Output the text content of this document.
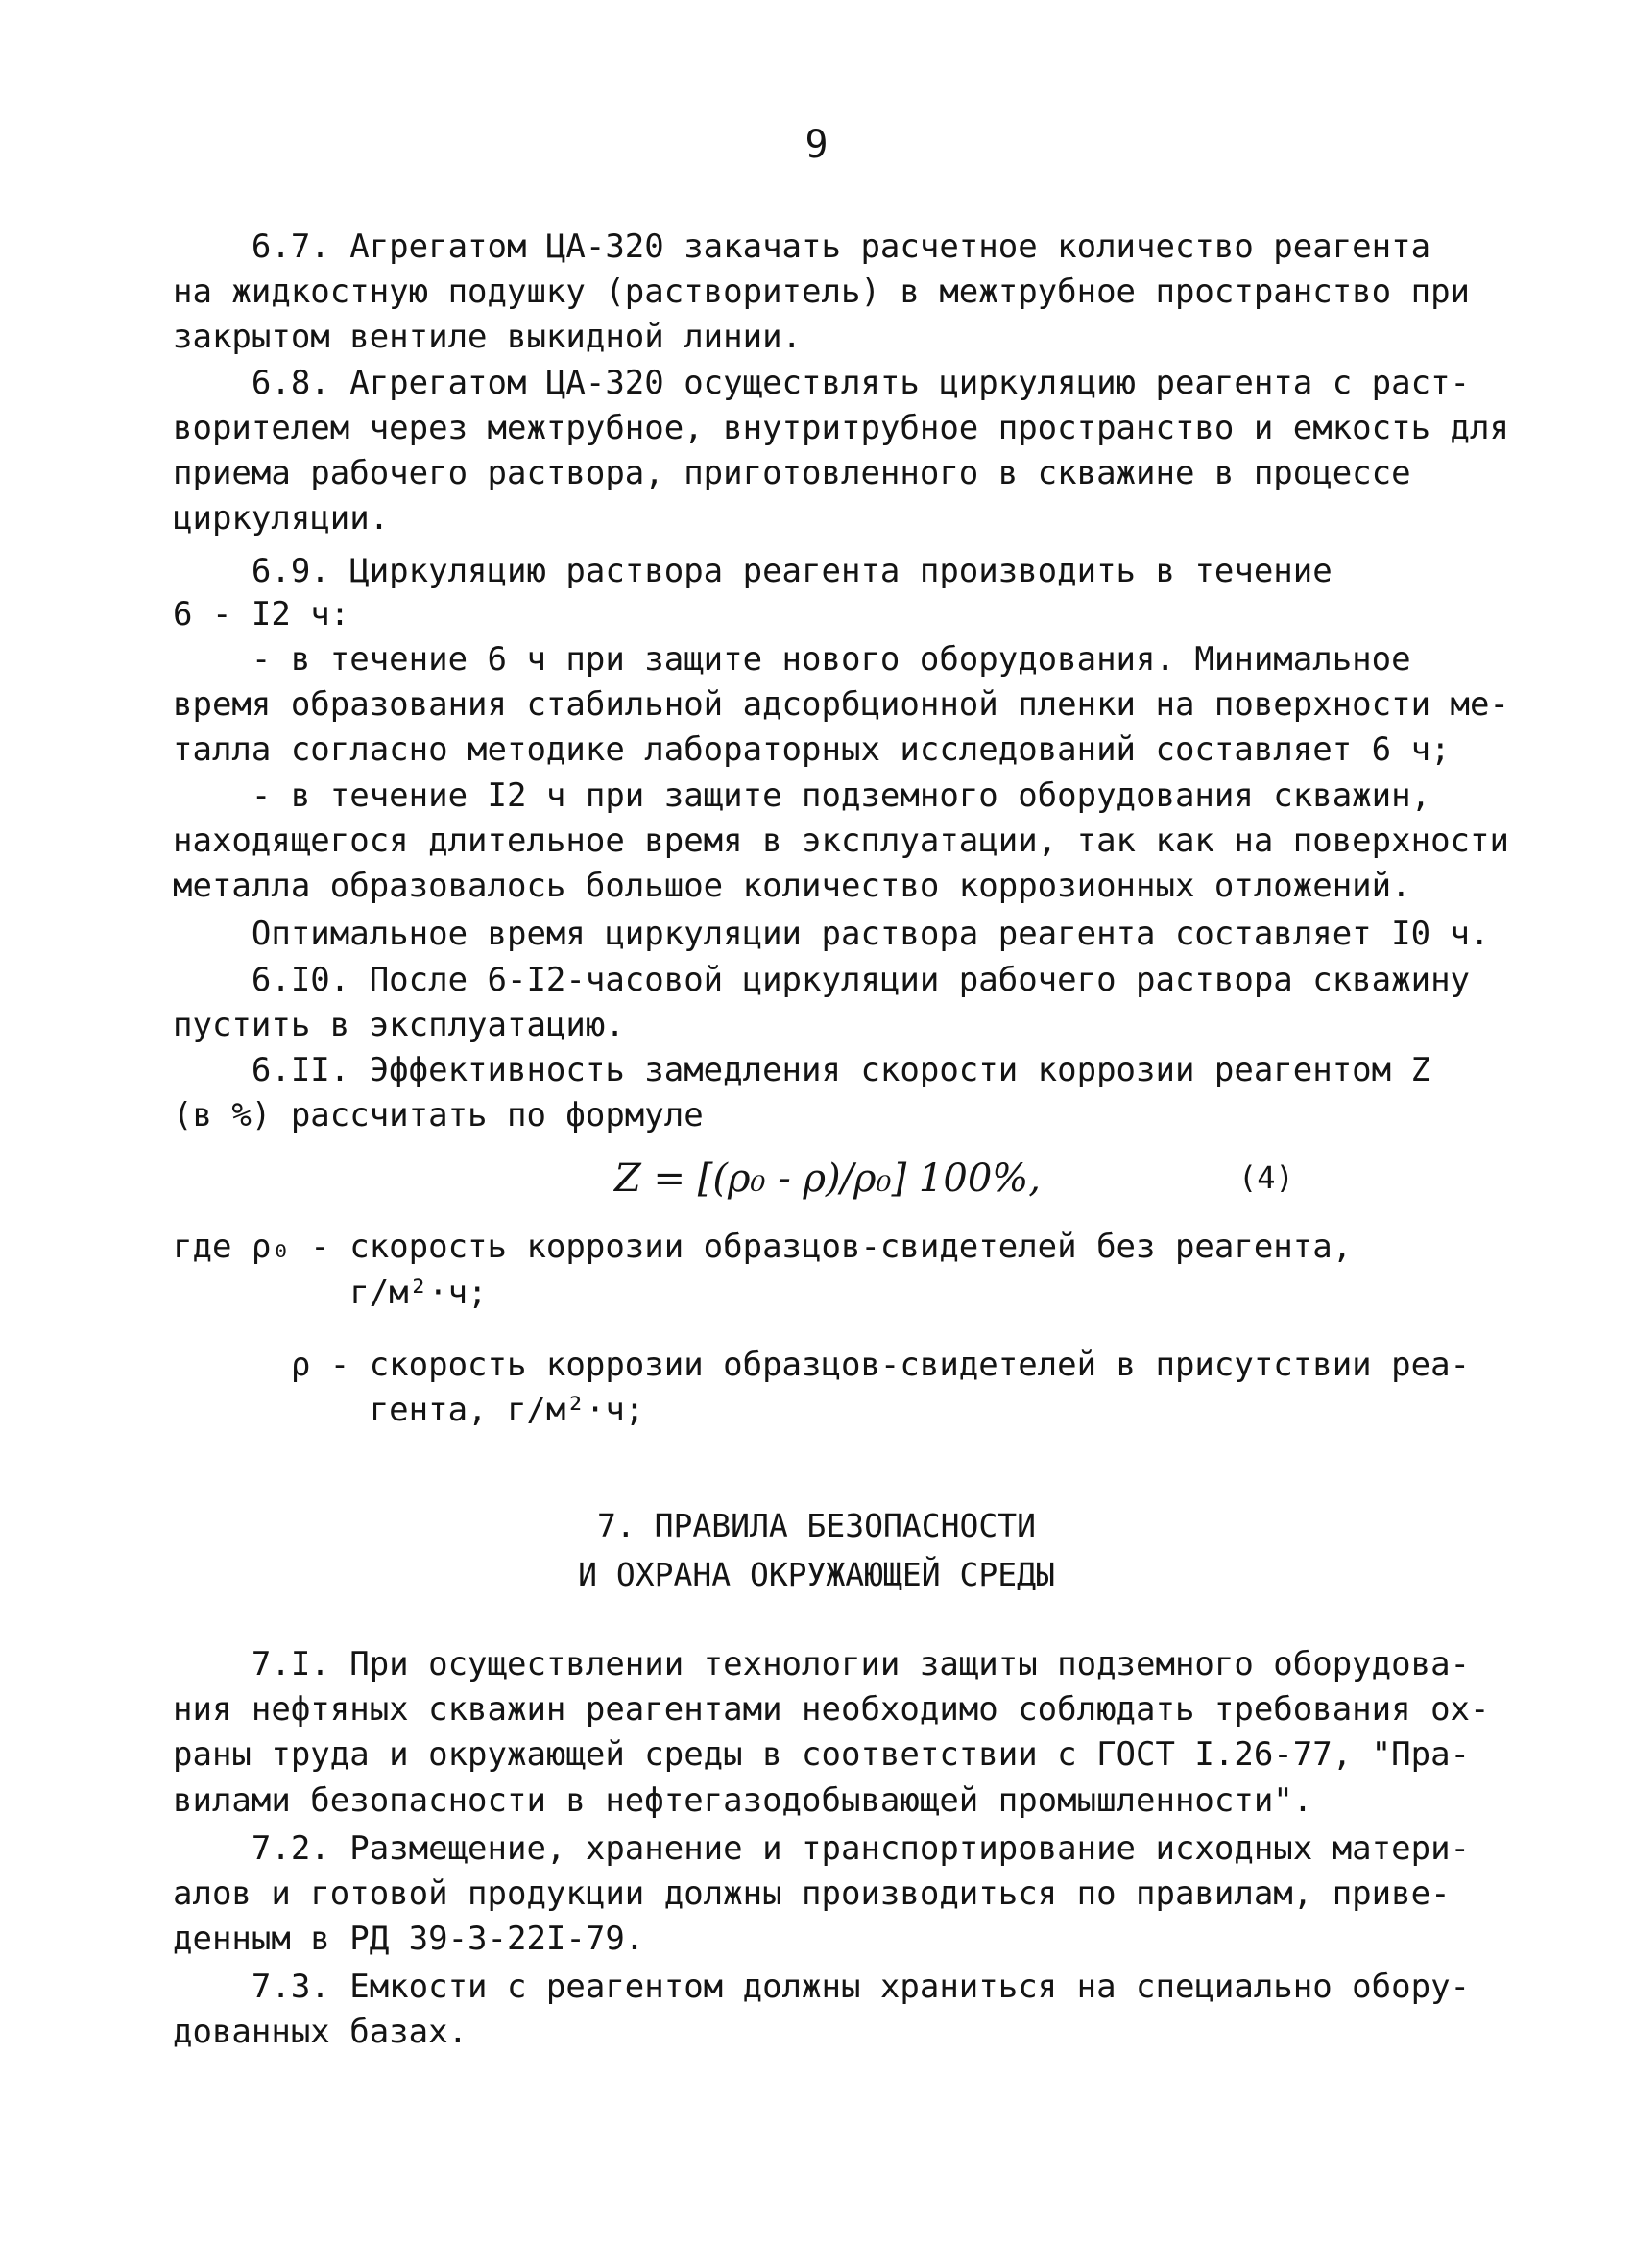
9
6.7. Агрегатом ЦА-320 закачать расчетное количество реагента
на жидкостную подушку (растворитель) в межтрубное пространство при
закрытом вентиле выкидной линии.
6.8. Агрегатом ЦА-320 осуществлять циркуляцию реагента с раст-
ворителем через межтрубное, внутритрубное пространство и емкость для
приема рабочего раствора, приготовленного в скважине в процессе
циркуляции.
6.9. Циркуляцию раствора реагента производить в течение
6 - I2 ч:
- в течение 6 ч при защите нового оборудования. Минимальное
время образования стабильной адсорбционной пленки на поверхности ме-
талла согласно методике лабораторных исследований составляет 6 ч;
- в течение I2 ч при защите подземного оборудования скважин,
находящегося длительное время в эксплуатации, так как на поверхности
металла образовалось большое количество коррозионных отложений.
Оптимальное время циркуляции раствора реагента составляет I0 ч.
6.I0. После 6-I2-часовой циркуляции рабочего раствора скважину
пустить в эксплуатацию.
6.II. Эффективность замедления скорости коррозии реагентом Z
(в %) рассчитать по формуле
Z = [(ρ₀ - ρ)/ρ₀] 100%,	(4)
где ρ₀ - скорость коррозии образцов-свидетелей без реагента,
г/м²·ч;
ρ - скорость коррозии образцов-свидетелей в присутствии реа-
гента, г/м²·ч;
7. ПРАВИЛА БЕЗОПАСНОСТИ
И ОХРАНА ОКРУЖАЮЩЕЙ СРЕДЫ
7.I. При осуществлении технологии защиты подземного оборудова-
ния нефтяных скважин реагентами необходимо соблюдать требования ох-
раны труда и окружающей среды в соответствии с ГОСТ I.26-77, "Пра-
вилами безопасности в нефтегазодобывающей промышленности".
7.2. Размещение, хранение и транспортирование исходных матери-
алов и готовой продукции должны производиться по правилам, приве-
денным в РД 39-3-22I-79.
7.3. Емкости с реагентом должны храниться на специально обору-
дованных базах.
